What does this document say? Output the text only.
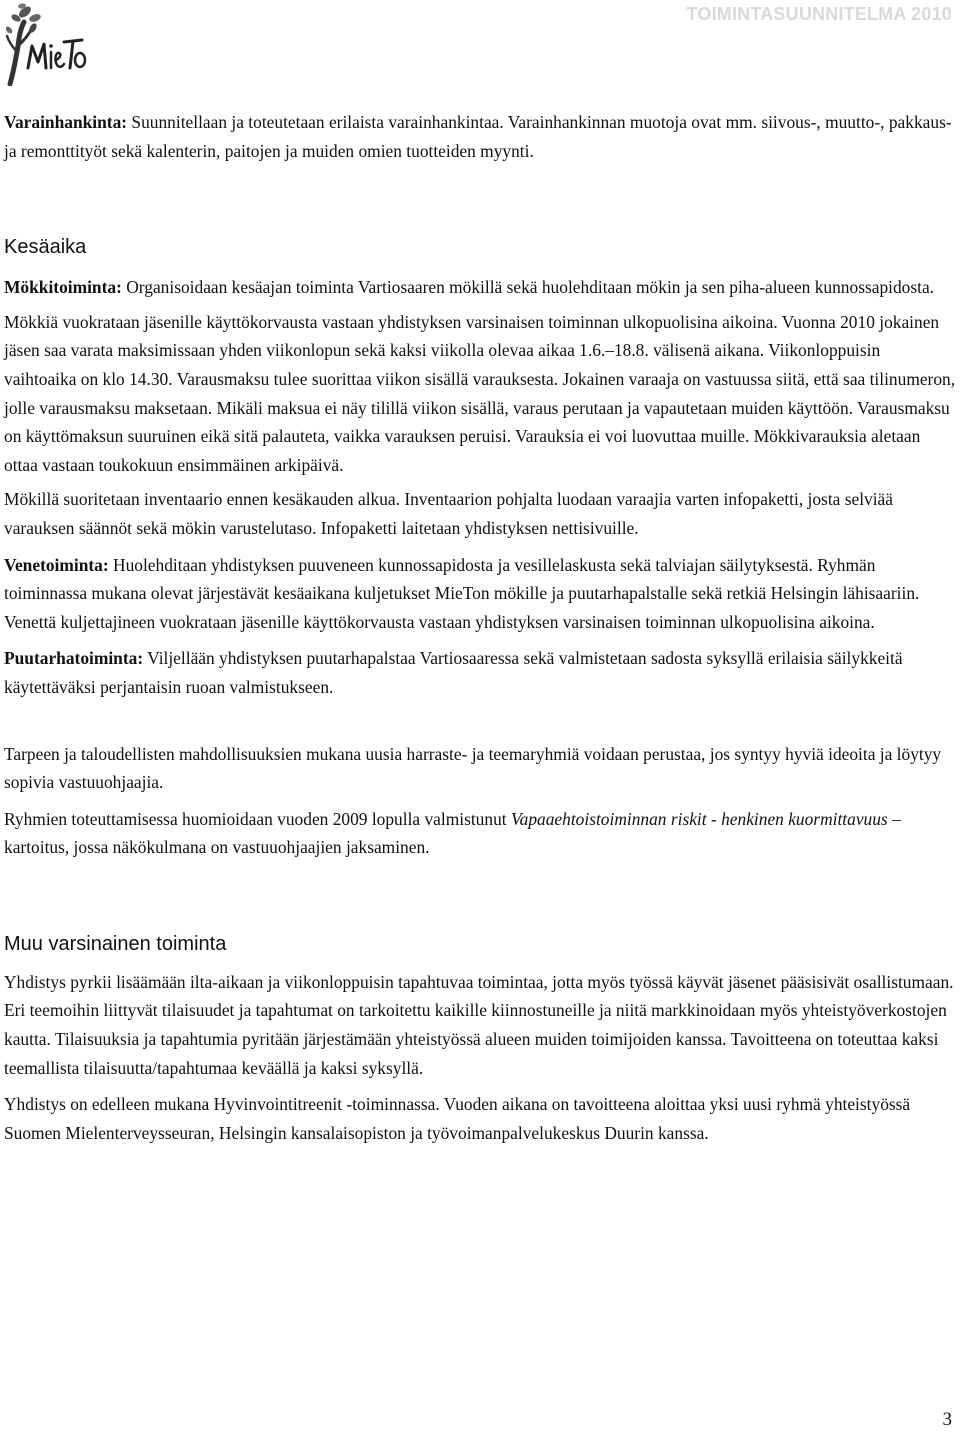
TOIMINTASUUNNITELMA 2010

Varainhankinta: Suunnitellaan ja toteutetaan erilaista varainhankintaa. Varainhankinnan muotoja ovat mm. siivous-, muutto-, pakkaus- ja remonttityöt sekä kalenterin, paitojen ja muiden omien tuotteiden myynti.

Kesäaika

Mökkitoiminta: Organisoidaan kesäajan toiminta Vartiosaaren mökillä sekä huolehditaan mökin ja sen piha-alueen kunnossapidosta.

Mökkiä vuokrataan jäsenille käyttökorvausta vastaan yhdistyksen varsinaisen toiminnan ulkopuolisina aikoina. Vuonna 2010 jokainen jäsen saa varata maksimissaan yhden viikonlopun sekä kaksi viikolla olevaa aikaa 1.6.–18.8. välisenä aikana. Viikonloppuisin vaihtoaika on klo 14.30. Varausmaksu tulee suorittaa viikon sisällä varauksesta. Jokainen varaaja on vastuussa siitä, että saa tilinumeron, jolle varausmaksu maksetaan. Mikäli maksua ei näy tilillä viikon sisällä, varaus perutaan ja vapautetaan muiden käyttöön. Varausmaksu on käyttömaksun suuruinen eikä sitä palauteta, vaikka varauksen peruisi. Varauksia ei voi luovuttaa muille. Mökkivarauksia aletaan ottaa vastaan toukokuun ensimmäinen arkipäivä.

Mökillä suoritetaan inventaario ennen kesäkauden alkua. Inventaarion pohjalta luodaan varaajia varten infopaketti, josta selviää varauksen säännöt sekä mökin varustelutaso. Infopaketti laitetaan yhdistyksen nettisivuille.

Venetoiminta: Huolehditaan yhdistyksen puuveneen kunnossapidosta ja vesillelaskusta sekä talviajan säilytyksestä. Ryhmän toiminnassa mukana olevat järjestävät kesäaikana kuljetukset MieTon mökille ja puutarhapalstalle sekä retkiä Helsingin lähisaariin. Venettä kuljettajineen vuokrataan jäsenille käyttökorvausta vastaan yhdistyksen varsinaisen toiminnan ulkopuolisina aikoina.

Puutarhatoiminta: Viljellään yhdistyksen puutarhapalstaa Vartiosaaressa sekä valmistetaan sadosta syksyllä erilaisia säilykkeitä käytettäväksi perjantaisin ruoan valmistukseen.

Tarpeen ja taloudellisten mahdollisuuksien mukana uusia harraste- ja teemaryhmiä voidaan perustaa, jos syntyy hyviä ideoita ja löytyy sopivia vastuuohjaajia.

Ryhmien toteuttamisessa huomioidaan vuoden 2009 lopulla valmistunut Vapaaehtoistoiminnan riskit - henkinen kuormittavuus – kartoitus, jossa näkökulmana on vastuuohjaajien jaksaminen.

Muu varsinainen toiminta

Yhdistys pyrkii lisäämään ilta-aikaan ja viikonloppuisin tapahtuvaa toimintaa, jotta myös työssä käyvät jäsenet pääsisivät osallistumaan. Eri teemoihin liittyvät tilaisuudet ja tapahtumat on tarkoitettu kaikille kiinnostuneille ja niitä markkinoidaan myös yhteistyöverkostojen kautta. Tilaisuuksia ja tapahtumia pyritään järjestämään yhteistyössä alueen muiden toimijoiden kanssa. Tavoitteena on toteuttaa kaksi teemallista tilaisuutta/tapahtumaa keväällä ja kaksi syksyllä.

Yhdistys on edelleen mukana Hyvinvointitreenit -toiminnassa. Vuoden aikana on tavoitteena aloittaa yksi uusi ryhmä yhteistyössä Suomen Mielenterveysseuran, Helsingin kansalaisopiston ja työvoimanpalvelukeskus Duurin kanssa.

3
